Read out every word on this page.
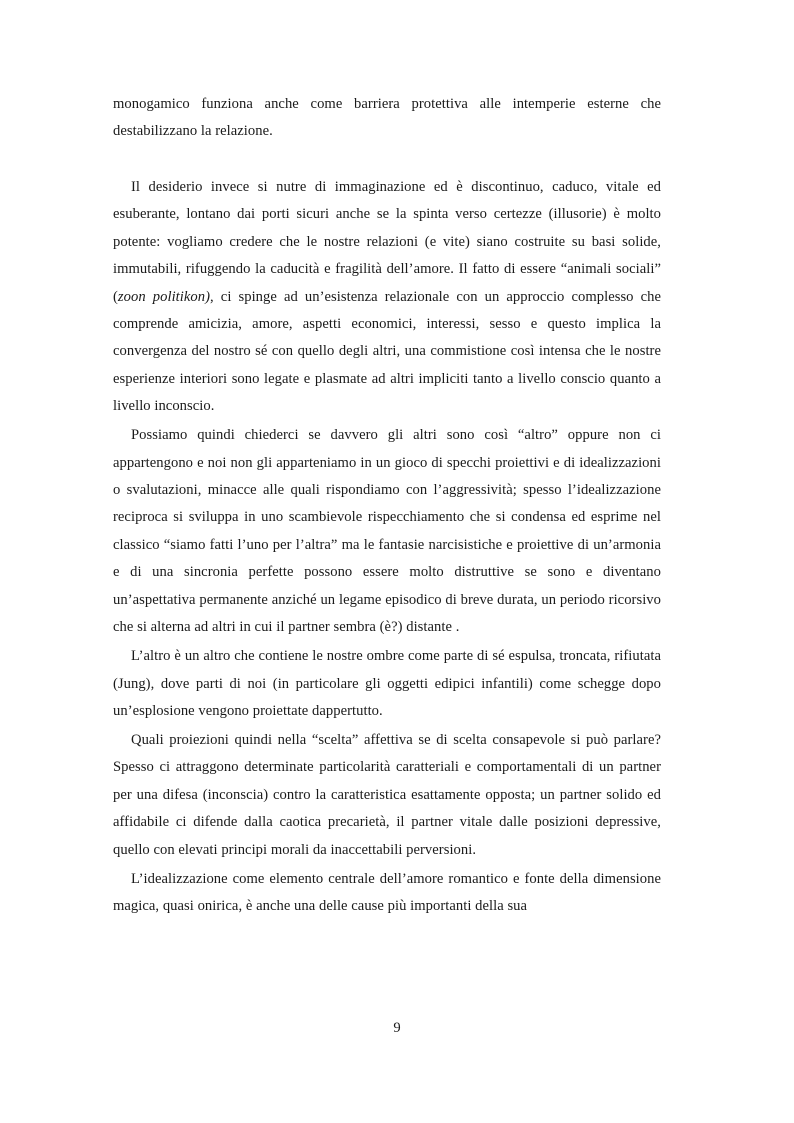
monogamico funziona anche come barriera protettiva alle intemperie esterne che destabilizzano la relazione.

Il desiderio invece si nutre di immaginazione ed è discontinuo, caduco, vitale ed esuberante, lontano dai porti sicuri anche se la spinta verso certezze (illusorie) è molto potente: vogliamo credere che le nostre relazioni (e vite) siano costruite su basi solide, immutabili, rifuggendo la caducità e fragilità dell’amore. Il fatto di essere “animali sociali” (zoon politikon), ci spinge ad un’esistenza relazionale con un approccio complesso che comprende amicizia, amore, aspetti economici, interessi, sesso e questo implica la convergenza del nostro sé con quello degli altri, una commistione così intensa che le nostre esperienze interiori sono legate e plasmate ad altri impliciti tanto a livello conscio quanto a livello inconscio.

Possiamo quindi chiederci se davvero gli altri sono così “altro” oppure non ci appartengono e noi non gli apparteniamo in un gioco di specchi proiettivi e di idealizzazioni o svalutazioni, minacce alle quali rispondiamo con l’aggressività; spesso l’idealizzazione reciproca si sviluppa in uno scambievole rispecchiamento che si condensa ed esprime nel classico “siamo fatti l’uno per l’altra” ma le fantasie narcisistiche e proiettive di un’armonia e di una sincronia perfette possono essere molto distruttive se sono e diventano un’aspettativa permanente anziché un legame episodico di breve durata, un periodo ricorsivo che si alterna ad altri in cui il partner sembra (è?) distante .

L’altro è un altro che contiene le nostre ombre come parte di sé espulsa, troncata, rifiutata (Jung), dove parti di noi (in particolare gli oggetti edipici infantili) come schegge dopo un’esplosione vengono proiettate dappertutto.

Quali proiezioni quindi nella “scelta” affettiva se di scelta consapevole si può parlare? Spesso ci attraggono determinate particolarità caratteriali e comportamentali di un partner per una difesa (inconscia) contro la caratteristica esattamente opposta; un partner solido ed affidabile ci difende dalla caotica precarietà, il partner vitale dalle posizioni depressive, quello con elevati principi morali da inaccettabili perversioni.

L’idealizzazione come elemento centrale dell’amore romantico e fonte della dimensione magica, quasi onirica, è anche una delle cause più importanti della sua

9
